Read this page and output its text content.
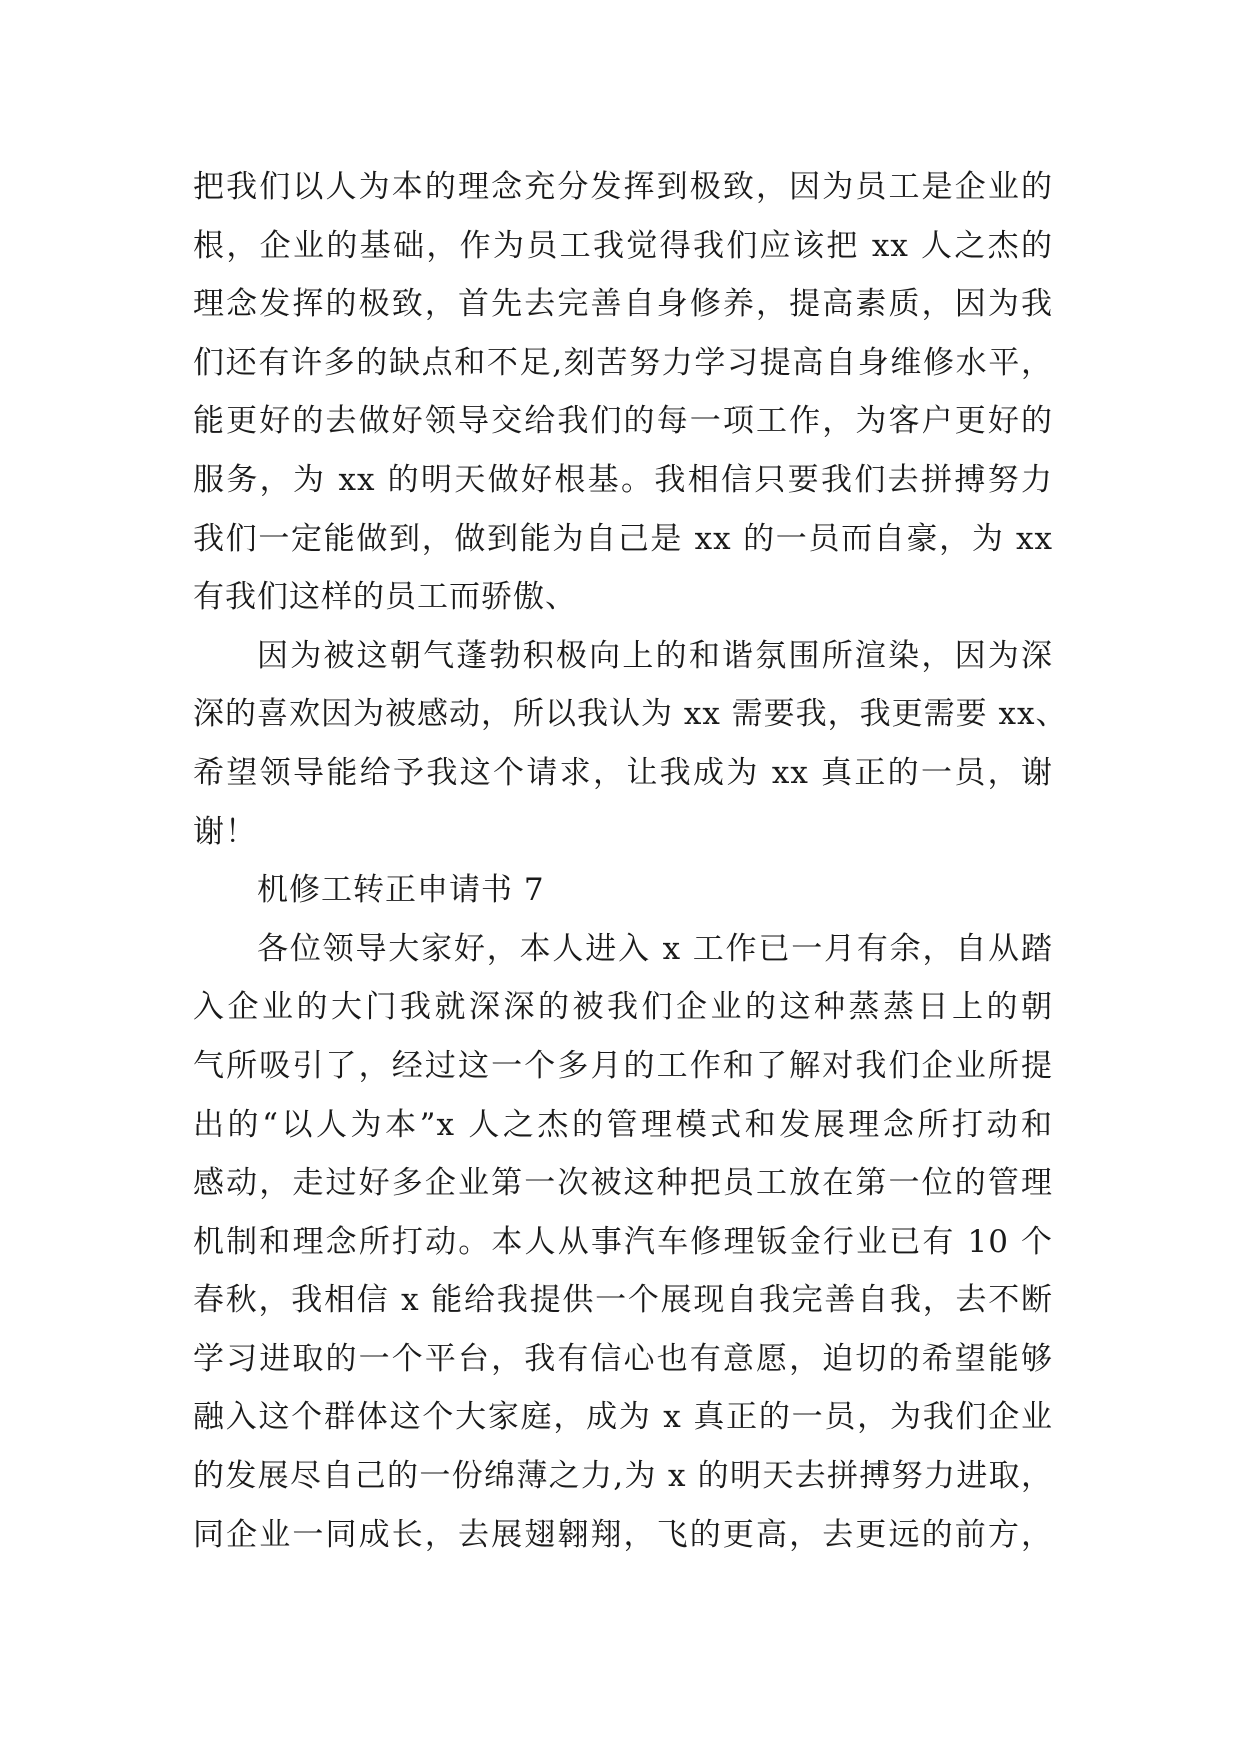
把我们以人为本的理念充分发挥到极致，因为员工是企业的
根，企业的基础，作为员工我觉得我们应该把 xx 人之杰的
理念发挥的极致，首先去完善自身修养，提高素质，因为我
们还有许多的缺点和不足,刻苦努力学习提高自身维修水平，
能更好的去做好领导交给我们的每一项工作，为客户更好的
服务，为 xx 的明天做好根基。我相信只要我们去拼搏努力
我们一定能做到，做到能为自己是 xx 的一员而自豪，为 xx
有我们这样的员工而骄傲、
因为被这朝气蓬勃积极向上的和谐氛围所渲染，因为深
深的喜欢因为被感动，所以我认为 xx 需要我，我更需要 xx、
希望领导能给予我这个请求，让我成为 xx 真正的一员，谢
谢！
机修工转正申请书 7
各位领导大家好，本人进入 x 工作已一月有余，自从踏
入企业的大门我就深深的被我们企业的这种蒸蒸日上的朝
气所吸引了，经过这一个多月的工作和了解对我们企业所提
出的“以人为本”x 人之杰的管理模式和发展理念所打动和
感动，走过好多企业第一次被这种把员工放在第一位的管理
机制和理念所打动。本人从事汽车修理钣金行业已有 10 个
春秋，我相信 x 能给我提供一个展现自我完善自我，去不断
学习进取的一个平台，我有信心也有意愿，迫切的希望能够
融入这个群体这个大家庭，成为 x 真正的一员，为我们企业
的发展尽自己的一份绵薄之力,为 x 的明天去拼搏努力进取，
同企业一同成长，去展翅翱翔，飞的更高，去更远的前方，
